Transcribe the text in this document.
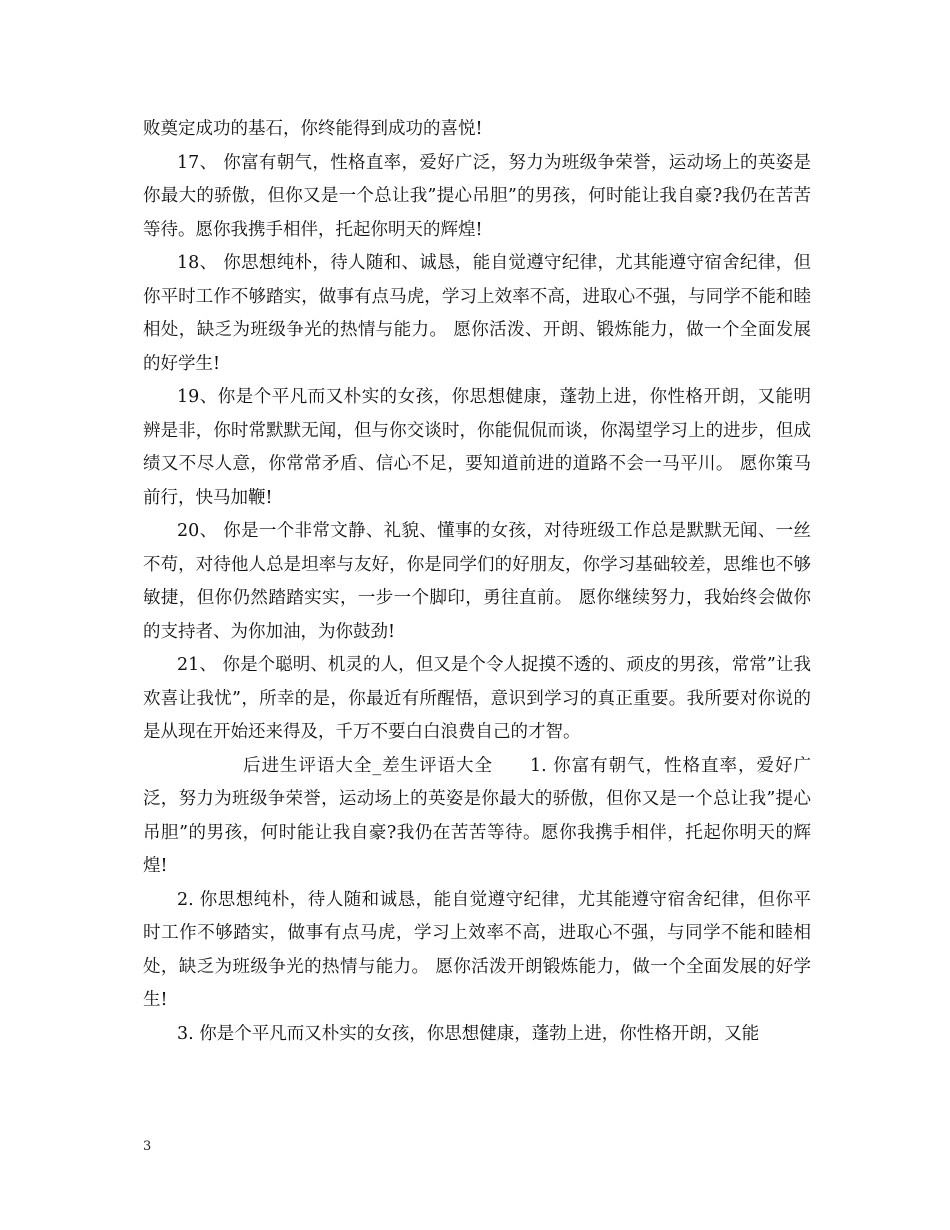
败奠定成功的基石，你终能得到成功的喜悦!

17、 你富有朝气，性格直率，爱好广泛，努力为班级争荣誉，运动场上的英姿是你最大的骄傲，但你又是一个总让我”提心吊胆”的男孩，何时能让我自豪?我仍在苦苦等待。愿你我携手相伴，托起你明天的辉煌!

18、 你思想纯朴，待人随和、诚恳，能自觉遵守纪律，尤其能遵守宿舍纪律，但你平时工作不够踏实，做事有点马虎，学习上效率不高，进取心不强，与同学不能和睦相处，缺乏为班级争光的热情与能力。 愿你活泼、开朗、锻炼能力，做一个全面发展的好学生!

19、你是个平凡而又朴实的女孩，你思想健康，蓬勃上进，你性格开朗，又能明辨是非，你时常默默无闻，但与你交谈时，你能侃侃而谈，你渴望学习上的进步，但成绩又不尽人意，你常常矛盾、信心不足，要知道前进的道路不会一马平川。 愿你策马前行，快马加鞭!

20、 你是一个非常文静、礼貌、懂事的女孩，对待班级工作总是默默无闻、一丝不苟，对待他人总是坦率与友好，你是同学们的好朋友，你学习基础较差，思维也不够敏捷，但你仍然踏踏实实，一步一个脚印，勇往直前。 愿你继续努力，我始终会做你的支持者、为你加油，为你鼓劲!

21、 你是个聪明、机灵的人，但又是个令人捉摸不透的、顽皮的男孩，常常”让我欢喜让我忧”，所幸的是，你最近有所醒悟，意识到学习的真正重要。我所要对你说的是从现在开始还来得及，千万不要白白浪费自己的才智。

后进生评语大全_差生评语大全　　1. 你富有朝气，性格直率，爱好广泛，努力为班级争荣誉，运动场上的英姿是你最大的骄傲，但你又是一个总让我”提心吊胆”的男孩，何时能让我自豪?我仍在苦苦等待。愿你我携手相伴，托起你明天的辉煌!

2. 你思想纯朴，待人随和诚恳，能自觉遵守纪律，尤其能遵守宿舍纪律，但你平时工作不够踏实，做事有点马虎，学习上效率不高，进取心不强，与同学不能和睦相处，缺乏为班级争光的热情与能力。 愿你活泼开朗锻炼能力，做一个全面发展的好学生!

3. 你是个平凡而又朴实的女孩，你思想健康，蓬勃上进，你性格开朗，又能

3
